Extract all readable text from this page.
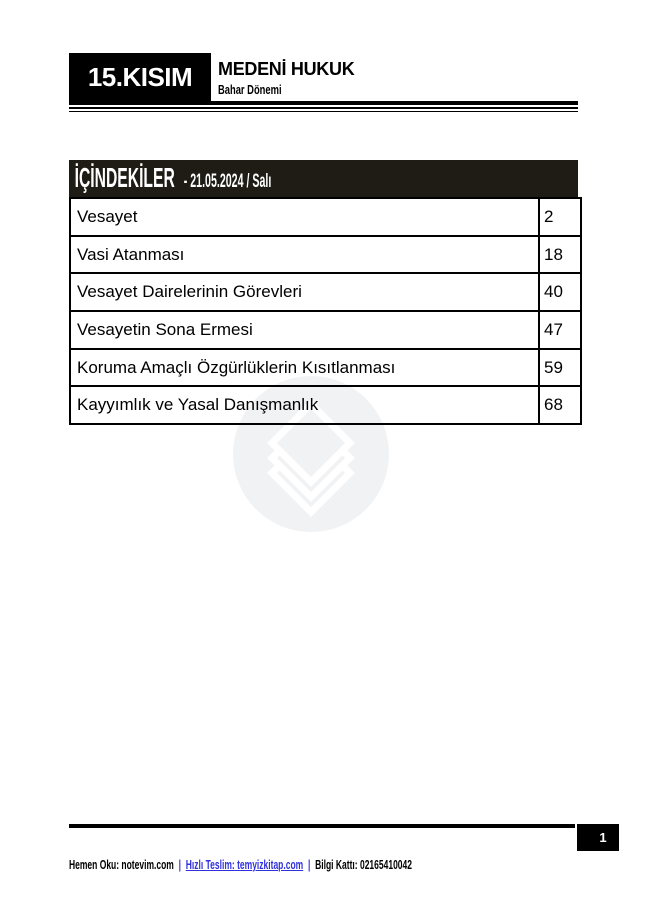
15.KISIM MEDENİ HUKUK
Bahar Dönemi
İÇİNDEKİLER - 21.05.2024 / Salı
Vesayet	2
Vasi Atanması	18
Vesayet Dairelerinin Görevleri	40
Vesayetin Sona Ermesi	47
Koruma Amaçlı Özgürlüklerin Kısıtlanması	59
Kayyımlık ve Yasal Danışmanlık	68
1
Hemen Oku: notevim.com | Hızlı Teslim: temyizkitap.com | Bilgi Kattı: 02165410042
